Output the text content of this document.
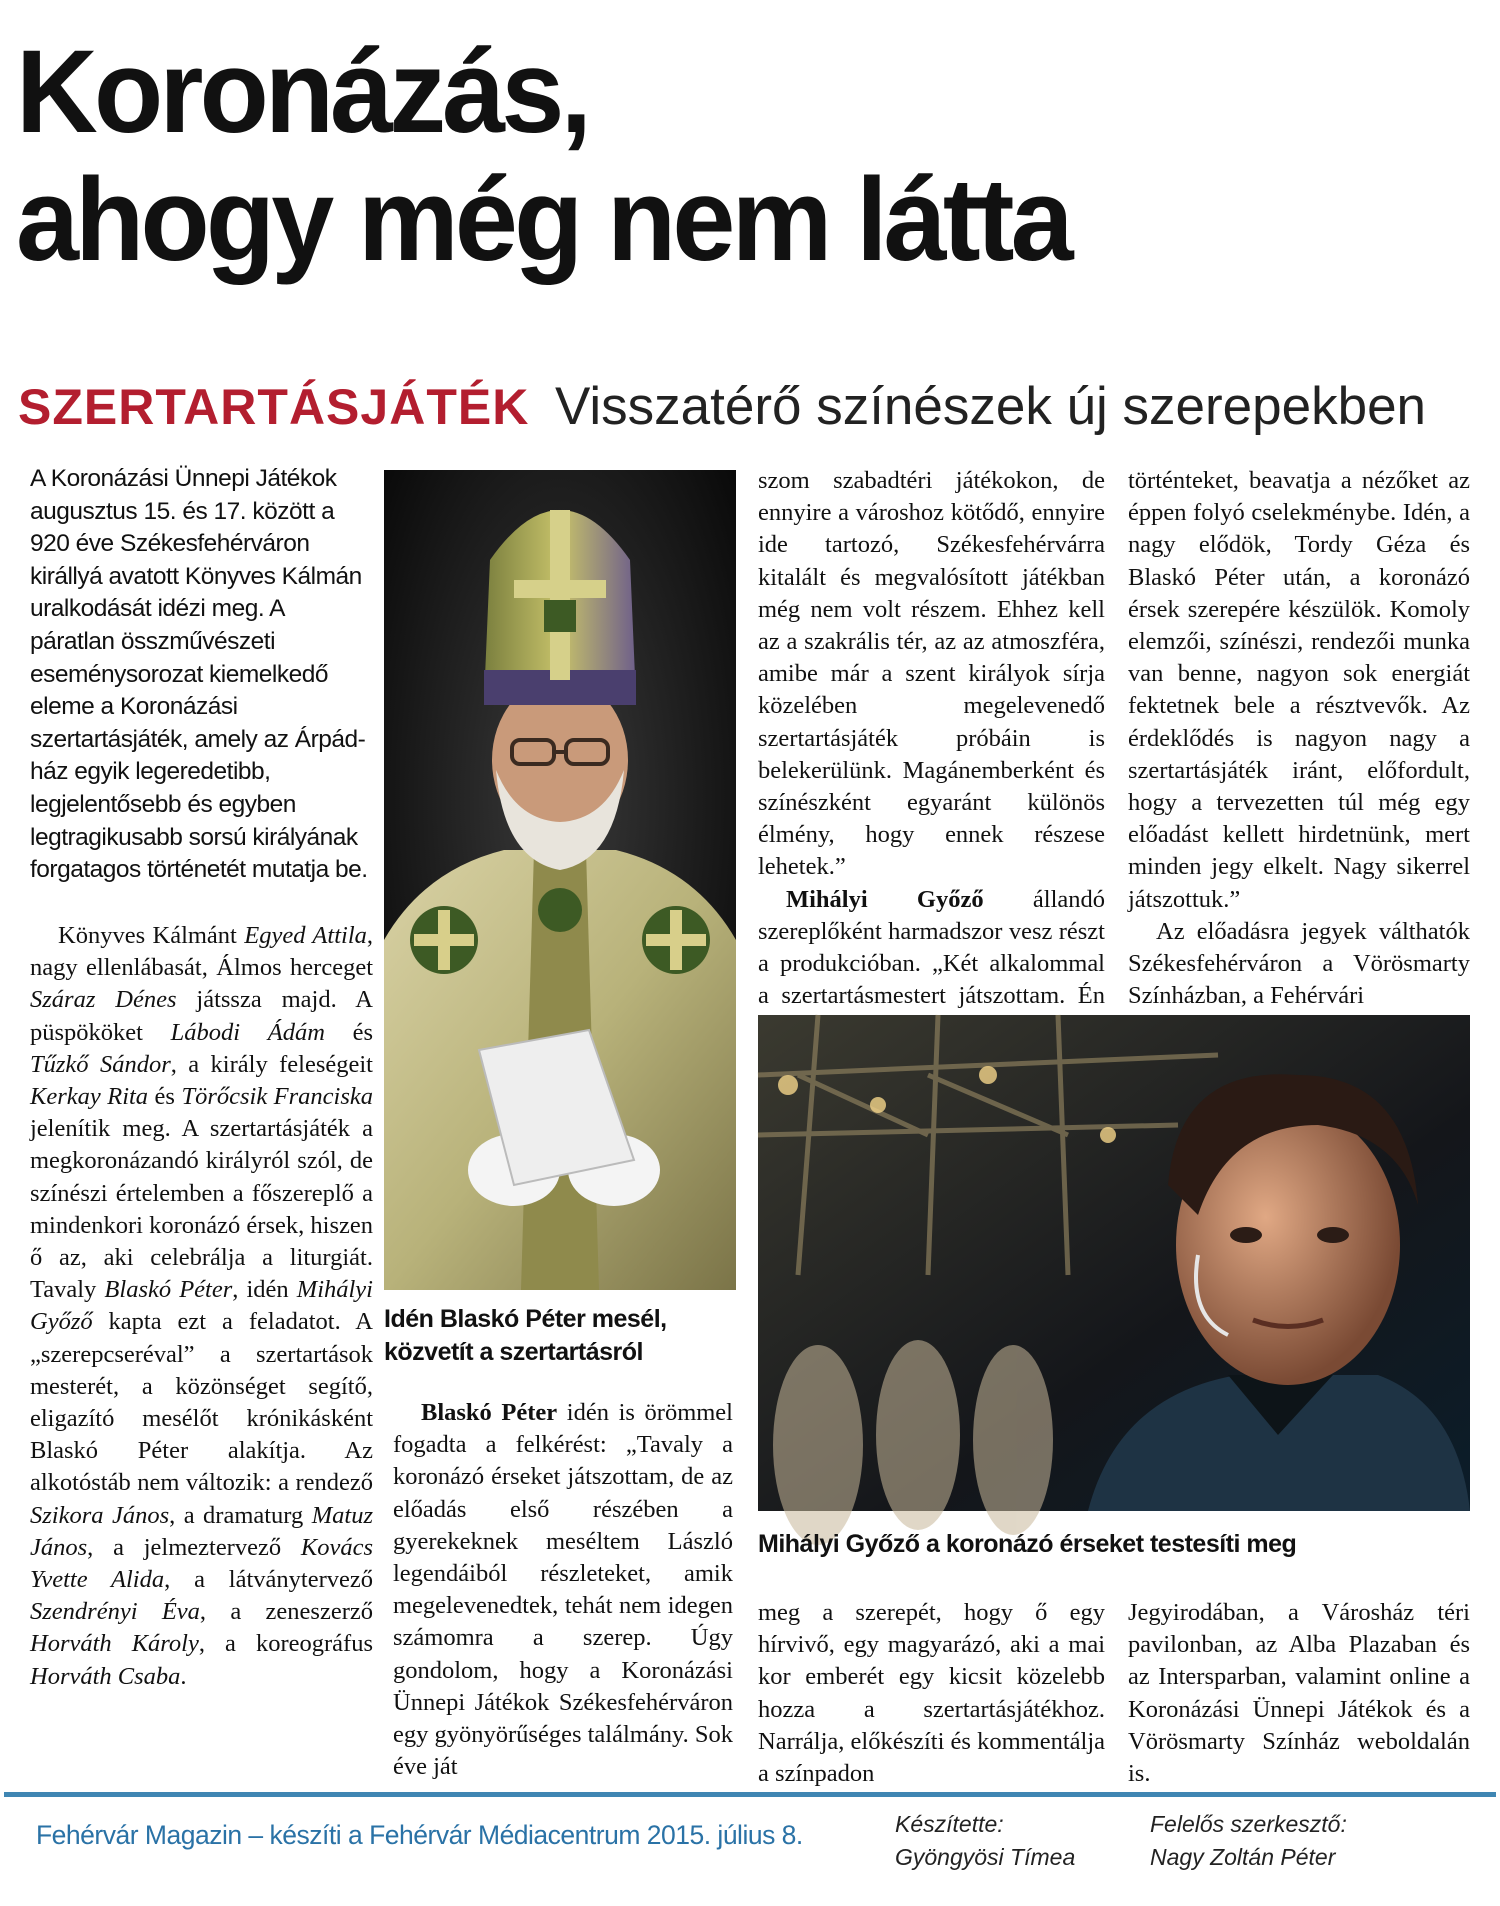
Koronázás,
ahogy még nem látta
SZERTARTÁSJÁTÉK Visszatérő színészek új szerepekben

A Koronázási Ünnepi Játékok augusztus 15. és 17. között a 920 éve Székesfehérváron királlyá avatott Könyves Kálmán uralkodását idézi meg. A páratlan összművészeti eseménysorozat kiemelkedő eleme a Koronázási szertartásjáték, amely az Árpád-ház egyik legeredetibb, legjelentősebb és egyben legtragikusabb sorsú királyának forgatagos történetét mutatja be.

Könyves Kálmánt Egyed Attila, nagy ellenlábasát, Álmos herceget Száraz Dénes játssza majd. A püspököket Lábodi Ádám és Tűzkő Sándor, a király feleségeit Kerkay Rita és Törőcsik Franciska jelenítik meg. A szertartásjáték a megkoronázandó királyról szól, de színészi értelemben a főszereplő a mindenkori koronázó érsek, hiszen ő az, aki celebrálja a liturgiát. Tavaly Blaskó Péter, idén Mihályi Győző kapta ezt a feladatot. A „szerepcseréval” a szertartások mesterét, a közönséget segítő, eligazító mesélőt krónikásként Blaskó Péter alakítja. Az alkotóstáb nem változik: a rendező Szikora János, a dramaturg Matuz János, a jelmeztervező Kovács Yvette Alida, a látványtervező Szendrényi Éva, a zeneszerző Horváth Károly, a koreográfus Horváth Csaba.

Idén Blaskó Péter mesél, közvetít a szertartásról

Blaskó Péter idén is örömmel fogadta a felkérést: „Tavaly a koronázó érseket játszottam, de az előadás első részében a gyerekeknek meséltem László legendáiból részleteket, amik megelevenedtek, tehát nem idegen számomra a szerep. Úgy gondolom, hogy a Koronázási Ünnepi Játékok Székesfehérváron egy gyönyörűséges találmány. Sok éve ját

szom szabadtéri játékokon, de ennyire a városhoz kötődő, ennyire ide tartozó, Székesfehérvárra kitalált és megvalósított játékban még nem volt részem. Ehhez kell az a szakrális tér, az az atmoszféra, amibe már a szent királyok sírja közelében megelevenedő szertartásjáték próbáin is belekerülünk. Magánemberként és színészként egyaránt különös élmény, hogy ennek részese lehetek.”

Mihályi Győző állandó szereplőként harmadszor vesz részt a produkcióban. „Két alkalommal a szertartásmestert játszottam. Én

történteket, beavatja a nézőket az éppen folyó cselekménybe. Idén, a nagy elődök, Tordy Géza és Blaskó Péter után, a koronázó érsek szerepére készülök. Komoly elemzői, színészi, rendezői munka van benne, nagyon sok energiát fektetnek bele a résztvevők. Az érdeklődés is nagyon nagy a szertartásjáték iránt, előfordult, hogy a tervezetten túl még egy előadást kellett hirdetnünk, mert minden jegy elkelt. Nagy sikerrel játszottuk.”

Az előadásra jegyek válthatók Székesfehérváron a Vörösmarty Színházban, a Fehérvári

Mihályi Győző a koronázó érseket testesíti meg

meg a szerepét, hogy ő egy hírvivő, egy magyarázó, aki a mai kor emberét egy kicsit közelebb hozza a szertartásjátékhoz. Narrálja, előkészíti és kommentálja a színpadon

Jegyirodában, a Városház téri pavilonban, az Alba Plazaban és az Intersparban, valamint online a Koronázási Ünnepi Játékok és a Vörösmarty Színház weboldalán is.

Fehérvár Magazin – készíti a Fehérvár Médiacentrum 2015. július 8.	Készítette:
Gyöngyösi Tímea
Felelős szerkesztő:
Nagy Zoltán Péter
